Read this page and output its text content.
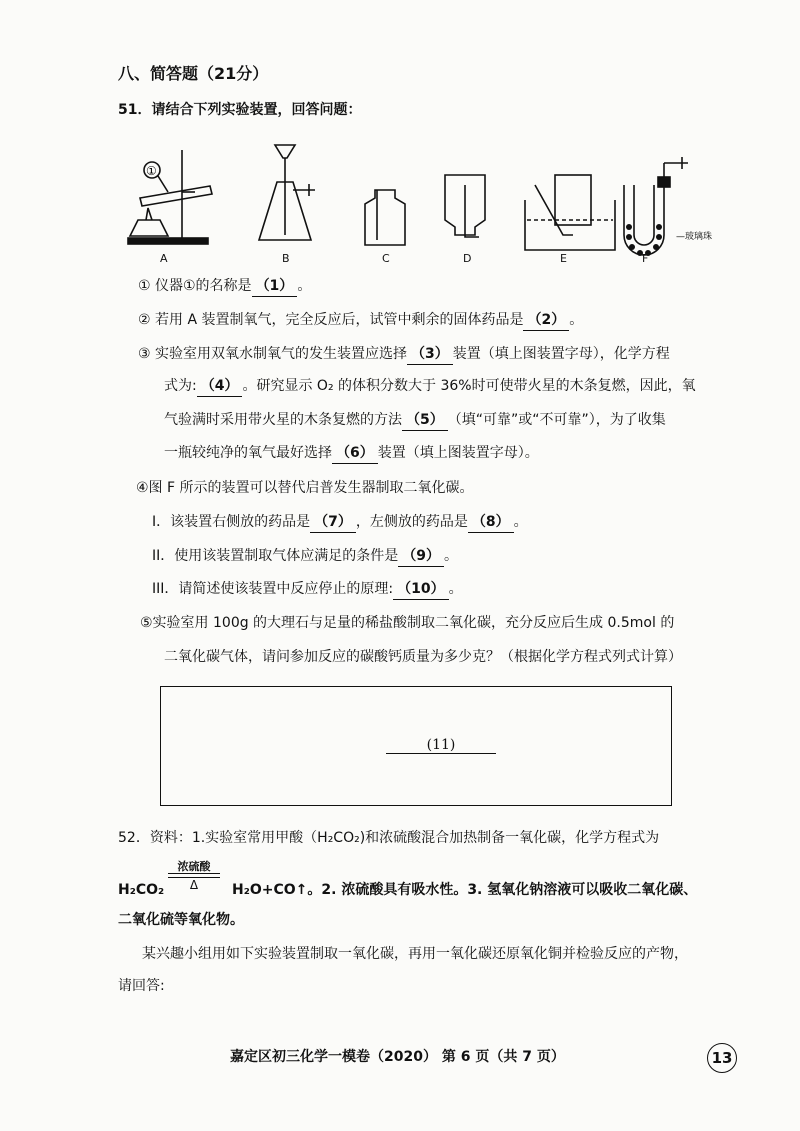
八、简答题（21分）
51．请结合下列实验装置，回答问题：
①
—玻璃珠
A	B	C	D	E	F
① 仪器①的名称是 （1） 。
② 若用 A 装置制氧气，完全反应后，试管中剩余的固体药品是 （2） 。
③ 实验室用双氧水制氧气的发生装置应选择 （3） 装置（填上图装置字母），化学方程
式为: （4） 。研究显示 O₂ 的体积分数大于 36%时可使带火星的木条复燃，因此，氧
气验满时采用带火星的木条复燃的方法 （5） （填“可靠”或“不可靠”），为了收集
一瓶较纯净的氧气最好选择 （6） 装置（填上图装置字母）。
④图 F 所示的装置可以替代启普发生器制取二氧化碳。
I．该装置右侧放的药品是 （7） ，左侧放的药品是 （8） 。
II．使用该装置制取气体应满足的条件是 （9） 。
III．请简述使该装置中反应停止的原理: （10） 。
⑤实验室用 100g 的大理石与足量的稀盐酸制取二氧化碳，充分反应后生成 0.5mol 的
二氧化碳气体，请问参加反应的碳酸钙质量为多少克？（根据化学方程式列式计算）
(11)
52．资料：1.实验室常用甲酸（H₂CO₂)和浓硫酸混合加热制备一氧化碳，化学方程式为
H₂CO₂
浓硫酸
Δ	H₂O+CO↑。2. 浓硫酸具有吸水性。3. 氢氧化钠溶液可以吸收二氧化碳、
二氧化硫等氧化物。
某兴趣小组用如下实验装置制取一氧化碳，再用一氧化碳还原氧化铜并检验反应的产物，
请回答:
嘉定区初三化学一模卷（2020） 第 6 页（共 7 页）	13
